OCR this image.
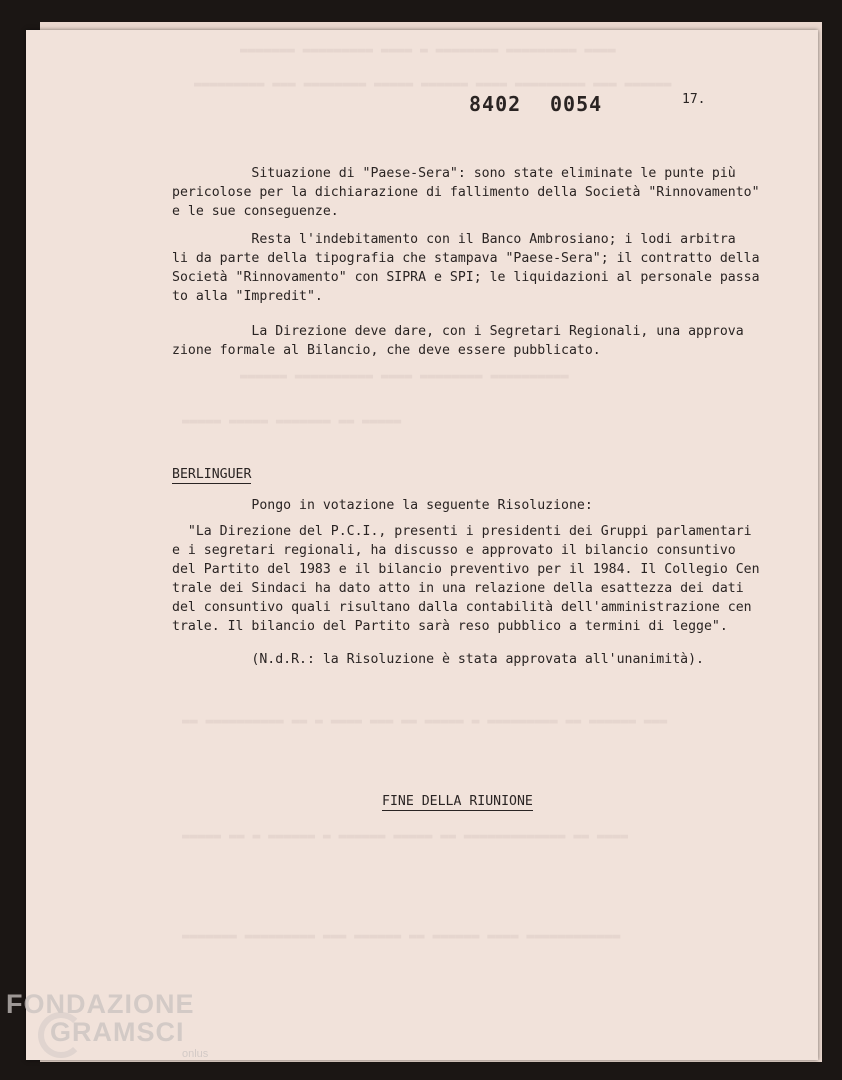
▬▬▬▬▬▬▬ ▬▬▬▬▬▬▬▬▬ ▬▬▬▬ ▬ ▬▬▬▬▬▬▬▬ ▬▬▬▬▬▬▬▬▬ ▬▬▬▬
▬▬▬▬▬▬▬▬▬ ▬▬▬ ▬▬▬▬▬▬▬▬ ▬▬▬▬▬ ▬▬▬▬▬▬ ▬▬▬▬ ▬▬▬▬▬▬▬▬▬ ▬▬▬ ▬▬▬▬▬▬
▬▬▬▬▬▬ ▬▬▬▬▬▬▬▬▬▬ ▬▬▬▬ ▬▬▬▬▬▬▬▬ ▬▬▬▬▬▬▬▬▬▬
▬▬▬▬▬ ▬▬▬▬▬ ▬▬▬▬▬▬▬ ▬▬ ▬▬▬▬▬
▬▬ ▬▬▬▬▬▬▬▬▬▬ ▬▬ ▬ ▬▬▬▬ ▬▬▬ ▬▬ ▬▬▬▬▬ ▬ ▬▬▬▬▬▬▬▬▬ ▬▬ ▬▬▬▬▬▬ ▬▬▬
▬▬▬▬▬ ▬▬ ▬ ▬▬▬▬▬▬ ▬ ▬▬▬▬▬▬ ▬▬▬▬▬ ▬▬ ▬▬▬▬▬▬▬▬▬▬▬▬▬ ▬▬ ▬▬▬▬
▬▬▬▬▬▬▬ ▬▬▬▬▬▬▬▬▬ ▬▬▬ ▬▬▬▬▬▬ ▬▬ ▬▬▬▬▬▬ ▬▬▬▬ ▬▬▬▬▬▬▬▬▬▬▬▬
8402 0054	17.
Situazione di "Paese-Sera": sono state eliminate le punte più
pericolose per la dichiarazione di fallimento della Società "Rinnovamento"
e le sue conseguenze.
Resta l'indebitamento con il Banco Ambrosiano; i lodi arbitra
li da parte della tipografia che stampava "Paese-Sera"; il contratto della
Società "Rinnovamento" con SIPRA e SPI; le liquidazioni al personale passa
to alla "Impredit".
La Direzione deve dare, con i Segretari Regionali, una approva
zione formale al Bilancio, che deve essere pubblicato.
BERLINGUER
Pongo in votazione la seguente Risoluzione:
"La Direzione del P.C.I., presenti i presidenti dei Gruppi parlamentari
e i segretari regionali, ha discusso e approvato il bilancio consuntivo
del Partito del 1983 e il bilancio preventivo per il 1984. Il Collegio Cen
trale dei Sindaci ha dato atto in una relazione della esattezza dei dati
del consuntivo quali risultano dalla contabilità dell'amministrazione cen
trale. Il bilancio del Partito sarà reso pubblico a termini di legge".
(N.d.R.: la Risoluzione è stata approvata all'unanimità).
FINE DELLA RIUNIONE
FONDAZIONE
GRAMSCI
onlus
